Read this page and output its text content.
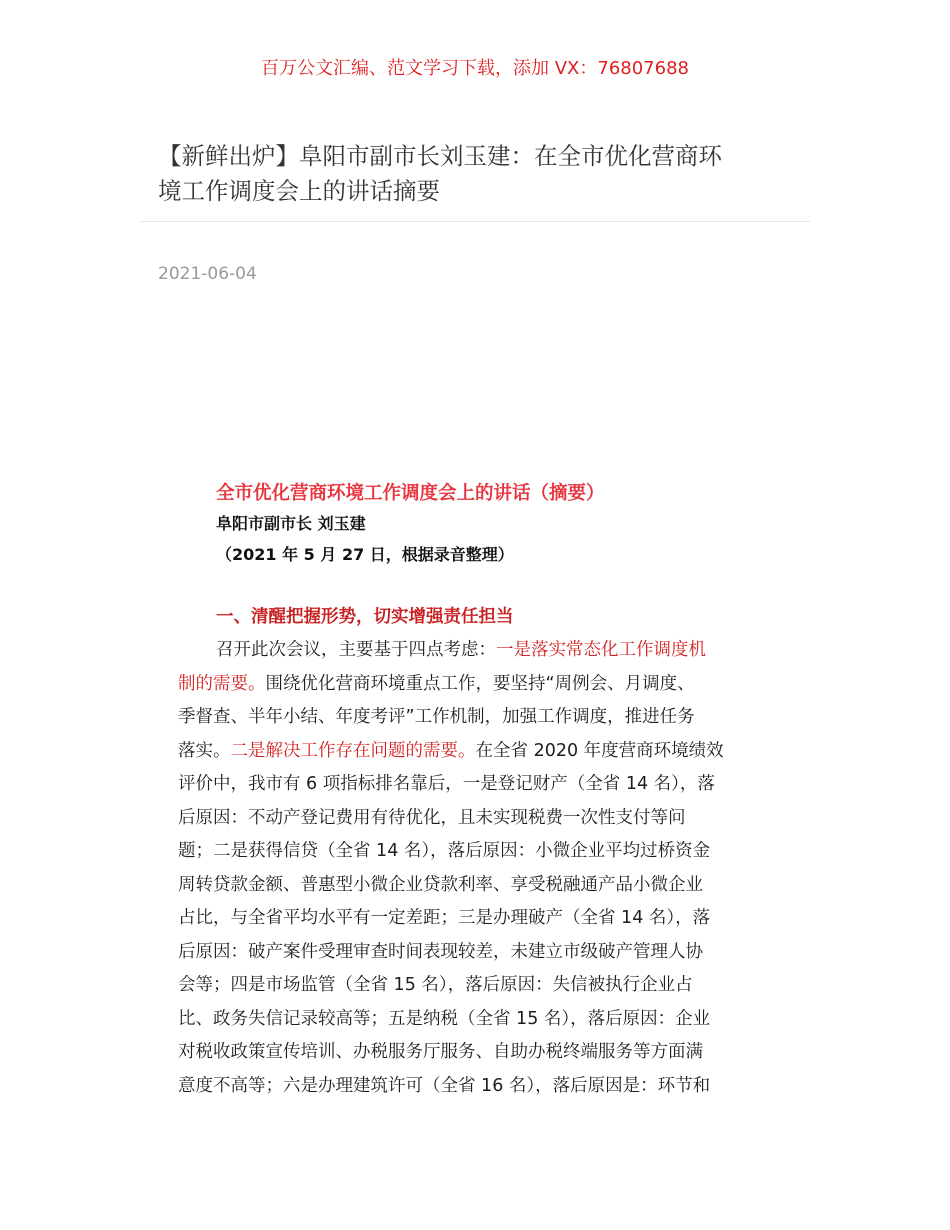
百万公文汇编、范文学习下载，添加 VX：76807688
【新鲜出炉】阜阳市副市长刘玉建：在全市优化营商环
境工作调度会上的讲话摘要
2021-06-04
全市优化营商环境工作调度会上的讲话（摘要）
阜阳市副市长 刘玉建
（2021 年 5 月 27 日，根据录音整理）
一、清醒把握形势，切实增强责任担当
召开此次会议，主要基于四点考虑：一是落实常态化工作调度机
制的需要。围绕优化营商环境重点工作，要坚持“周例会、月调度、
季督查、半年小结、年度考评”工作机制，加强工作调度，推进任务
落实。二是解决工作存在问题的需要。在全省 2020 年度营商环境绩效
评价中，我市有 6 项指标排名靠后，一是登记财产（全省 14 名），落
后原因：不动产登记费用有待优化，且未实现税费一次性支付等问
题；二是获得信贷（全省 14 名），落后原因：小微企业平均过桥资金
周转贷款金额、普惠型小微企业贷款利率、享受税融通产品小微企业
占比，与全省平均水平有一定差距；三是办理破产（全省 14 名），落
后原因：破产案件受理审查时间表现较差，未建立市级破产管理人协
会等；四是市场监管（全省 15 名），落后原因：失信被执行企业占
比、政务失信记录较高等；五是纳税（全省 15 名），落后原因：企业
对税收政策宣传培训、办税服务厅服务、自助办税终端服务等方面满
意度不高等；六是办理建筑许可（全省 16 名），落后原因是：环节和
